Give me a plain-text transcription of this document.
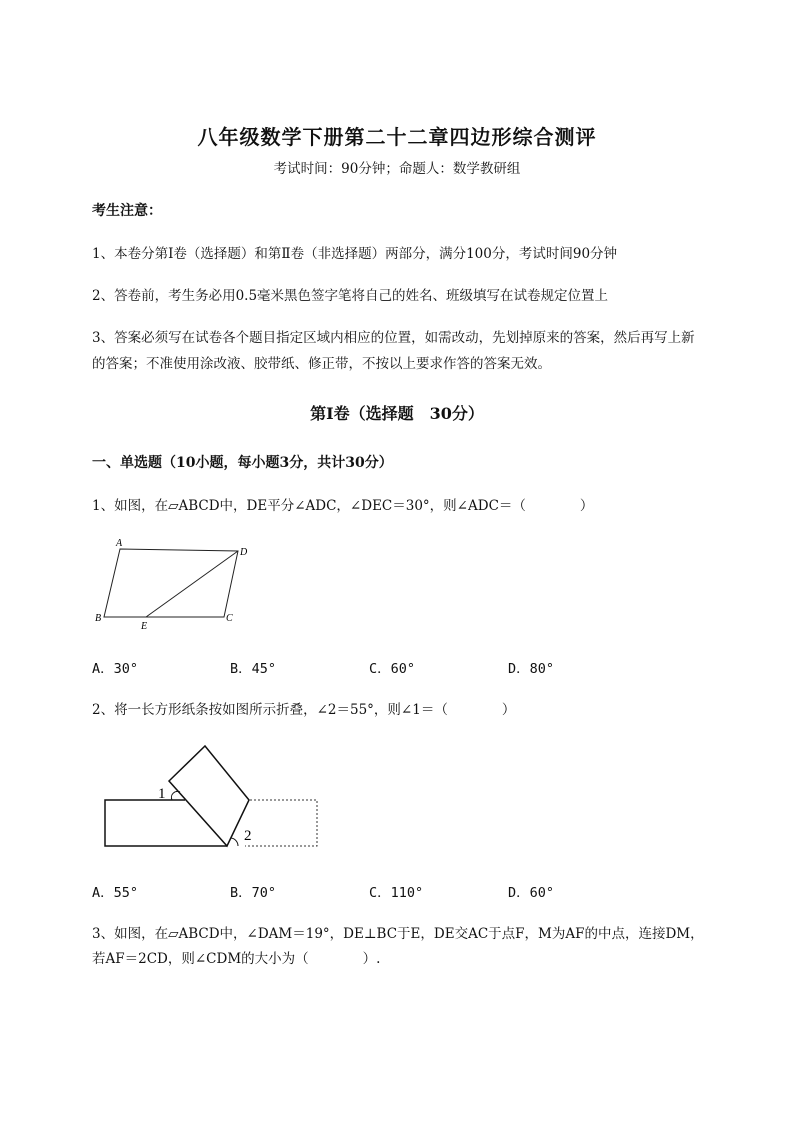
八年级数学下册第二十二章四边形综合测评
考试时间：90分钟；命题人：数学教研组
考生注意：
1、本卷分第I卷（选择题）和第Ⅱ卷（非选择题）两部分，满分100分，考试时间90分钟
2、答卷前，考生务必用0.5毫米黑色签字笔将自己的姓名、班级填写在试卷规定位置上
3、答案必须写在试卷各个题目指定区域内相应的位置，如需改动，先划掉原来的答案，然后再写上新
的答案；不准使用涂改液、胶带纸、修正带，不按以上要求作答的答案无效。
第I卷（选择题　30分）
一、单选题（10小题，每小题3分，共计30分）
1、如图，在▱ABCD中，DE平分∠ADC，∠DEC＝30°，则∠ADC＝（　　　　）
A
D
B	C
E
A．30°	B．45°	C．60°	D．80°
2、将一长方形纸条按如图所示折叠，∠2＝55°，则∠1＝（　　　　）
1
2
A．55°	B．70°	C．110°	D．60°
3、如图，在▱ABCD中，∠DAM＝19°，DE⊥BC于E，DE交AC于点F，M为AF的中点，连接DM，
若AF＝2CD，则∠CDM的大小为（　　　　）.
